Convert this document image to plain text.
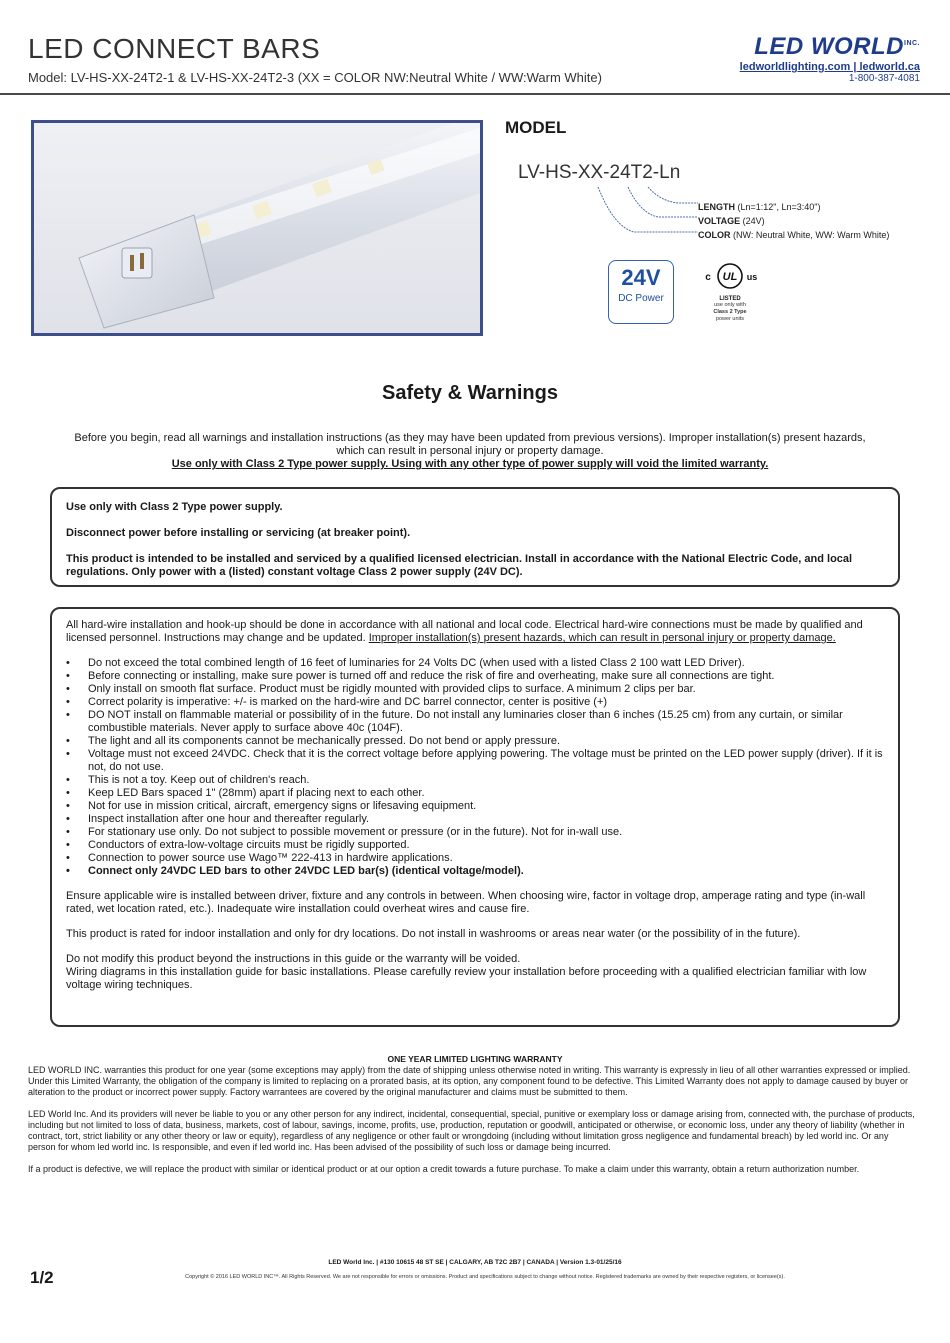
LED CONNECT BARS
Model: LV-HS-XX-24T2-1 & LV-HS-XX-24T2-3 (XX = COLOR NW:Neutral White / WW:Warm White)
LED $WORLD^{INC.}$
ledworldlighting.com | ledworld.ca
1-800-387-4081
MODEL
LV-HS-XX-24T2-Ln
LENGTH (Ln=1:12", Ln=3:40")
VOLTAGE (24V)
COLOR (NW: Neutral White, WW: Warm White)
24V
DC Power
UL
c	us
LISTED
use only with
Class 2 Type
power units
Safety & Warnings
Before you begin, read all warnings and installation instructions (as they may have been updated from previous versions). Improper installation(s) present hazards, which can result in personal injury or property damage.
Use only with Class 2 Type power supply. Using with any other type of power supply will void the limited warranty.

Use only with Class 2 Type power supply.

Disconnect power before installing or servicing (at breaker point).

This product is intended to be installed and serviced by a qualified licensed electrician. Install in accordance with the National Electric Code, and local regulations. Only power with a (listed) constant voltage Class 2 power supply (24V DC).

All hard-wire installation and hook-up should be done in accordance with all national and local code. Electrical hard-wire connections must be made by qualified and licensed personnel. Instructions may change and be updated. Improper installation(s) present hazards, which can result in personal injury or property damage.

• Do not exceed the total combined length of 16 feet of luminaries for 24 Volts DC (when used with a listed Class 2 100 watt LED Driver).
• Before connecting or installing, make sure power is turned off and reduce the risk of fire and overheating, make sure all connections are tight.
• Only install on smooth flat surface. Product must be rigidly mounted with provided clips to surface. A minimum 2 clips per bar.
• Correct polarity is imperative: +/- is marked on the hard-wire and DC barrel connector, center is positive (+)
• DO NOT install on flammable material or possibility of in the future. Do not install any luminaries closer than 6 inches (15.25 cm) from any curtain, or similar combustible materials. Never apply to surface above 40c (104F).
• The light and all its components cannot be mechanically pressed. Do not bend or apply pressure.
• Voltage must not exceed 24VDC. Check that it is the correct voltage before applying powering. The voltage must be printed on the LED power supply (driver). If it is not, do not use.
• This is not a toy. Keep out of children's reach.
• Keep LED Bars spaced 1" (28mm) apart if placing next to each other.
• Not for use in mission critical, aircraft, emergency signs or lifesaving equipment.
• Inspect installation after one hour and thereafter regularly.
• For stationary use only. Do not subject to possible movement or pressure (or in the future). Not for in-wall use.
• Conductors of extra-low-voltage circuits must be rigidly supported.
• Connection to power source use Wago™ 222-413 in hardwire applications.
• Connect only 24VDC LED bars to other 24VDC LED bar(s) (identical voltage/model).

Ensure applicable wire is installed between driver, fixture and any controls in between. When choosing wire, factor in voltage drop, amperage rating and type (in-wall rated, wet location rated, etc.). Inadequate wire installation could overheat wires and cause fire.

This product is rated for indoor installation and only for dry locations. Do not install in washrooms or areas near water (or the possibility of in the future).

Do not modify this product beyond the instructions in this guide or the warranty will be voided.

Wiring diagrams in this installation guide for basic installations. Please carefully review your installation before proceeding with a qualified electrician familiar with low voltage wiring techniques.

ONE YEAR LIMITED LIGHTING WARRANTY

LED WORLD INC. warranties this product for one year (some exceptions may apply) from the date of shipping unless otherwise noted in writing. This warranty is expressly in lieu of all other warranties expressed or implied. Under this Limited Warranty, the obligation of the company is limited to replacing on a prorated basis, at its option, any component found to be defective. This Limited Warranty does not apply to damage caused by buyer or alteration to the product or incorrect power supply. Factory warrantees are covered by the original manufacturer and claims must be submitted to them.

LED World Inc. And its providers will never be liable to you or any other person for any indirect, incidental, consequential, special, punitive or exemplary loss or damage arising from, connected with, the purchase of products, including but not limited to loss of data, business, markets, cost of labour, savings, income, profits, use, production, reputation or goodwill, anticipated or otherwise, or economic loss, under any theory of liability (whether in contract, tort, strict liability or any other theory or law or equity), regardless of any negligence or other fault or wrongdoing (including without limitation gross negligence and fundamental breach) by led world inc. Or any person for whom led world inc. Is responsible, and even if led world inc. Has been advised of the possibility of such loss or damage being incurred.

If a product is defective, we will replace the product with similar or identical product or at our option a credit towards a future purchase. To make a claim under this warranty, obtain a return authorization number.

LED World Inc. | #130 10615 48 ST SE | CALGARY, AB T2C 2B7 | CANADA | Version 1.3-01/25/16
1/2	Copyright © 2016 LED WORLD INC™. All Rights Reserved. We are not responsible for errors or omissions. Product and specifications subject to change without notice. Registered trademarks are owned by their respective registers, or licensee(s).
